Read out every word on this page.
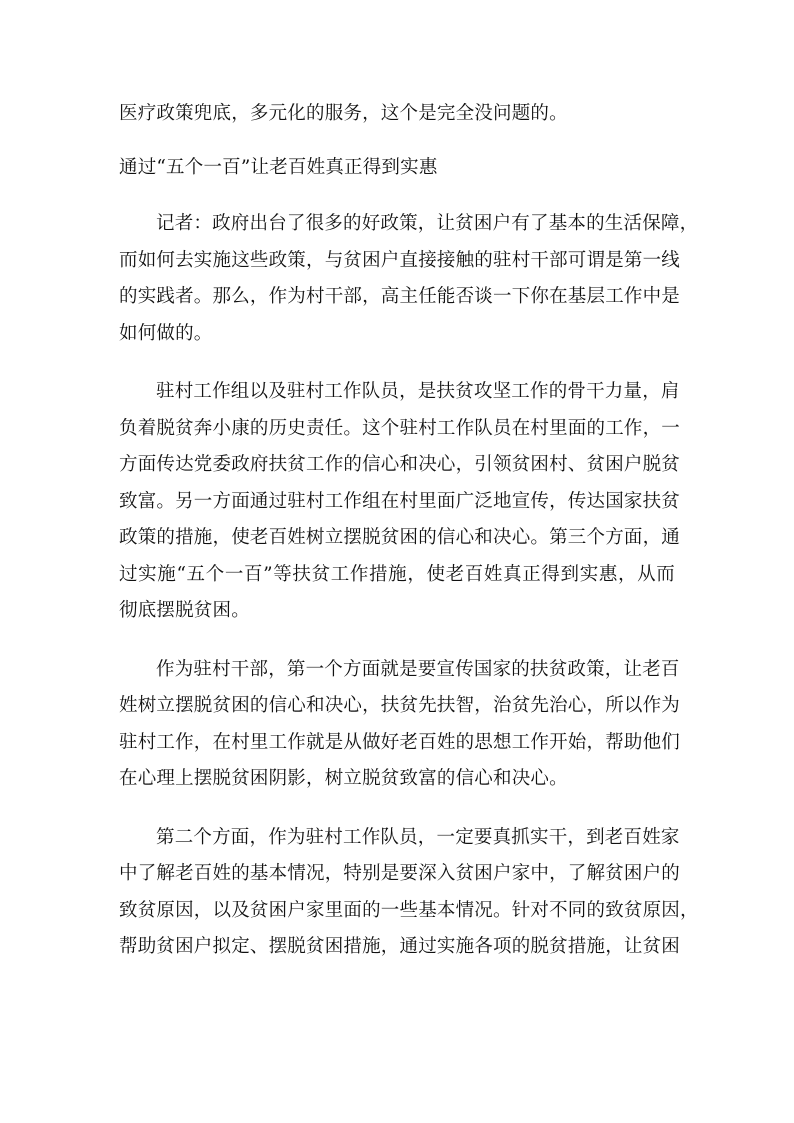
医疗政策兜底，多元化的服务，这个是完全没问题的。
通过“五个一百”让老百姓真正得到实惠
记者：政府出台了很多的好政策，让贫困户有了基本的生活保障，
而如何去实施这些政策，与贫困户直接接触的驻村干部可谓是第一线
的实践者。那么，作为村干部，高主任能否谈一下你在基层工作中是
如何做的。
驻村工作组以及驻村工作队员，是扶贫攻坚工作的骨干力量，肩
负着脱贫奔小康的历史责任。这个驻村工作队员在村里面的工作，一
方面传达党委政府扶贫工作的信心和决心，引领贫困村、贫困户脱贫
致富。另一方面通过驻村工作组在村里面广泛地宣传，传达国家扶贫
政策的措施，使老百姓树立摆脱贫困的信心和决心。第三个方面，通
过实施“五个一百”等扶贫工作措施，使老百姓真正得到实惠，从而
彻底摆脱贫困。
作为驻村干部，第一个方面就是要宣传国家的扶贫政策，让老百
姓树立摆脱贫困的信心和决心，扶贫先扶智，治贫先治心，所以作为
驻村工作，在村里工作就是从做好老百姓的思想工作开始，帮助他们
在心理上摆脱贫困阴影，树立脱贫致富的信心和决心。
第二个方面，作为驻村工作队员，一定要真抓实干，到老百姓家
中了解老百姓的基本情况，特别是要深入贫困户家中，了解贫困户的
致贫原因，以及贫困户家里面的一些基本情况。针对不同的致贫原因，
帮助贫困户拟定、摆脱贫困措施，通过实施各项的脱贫措施，让贫困
